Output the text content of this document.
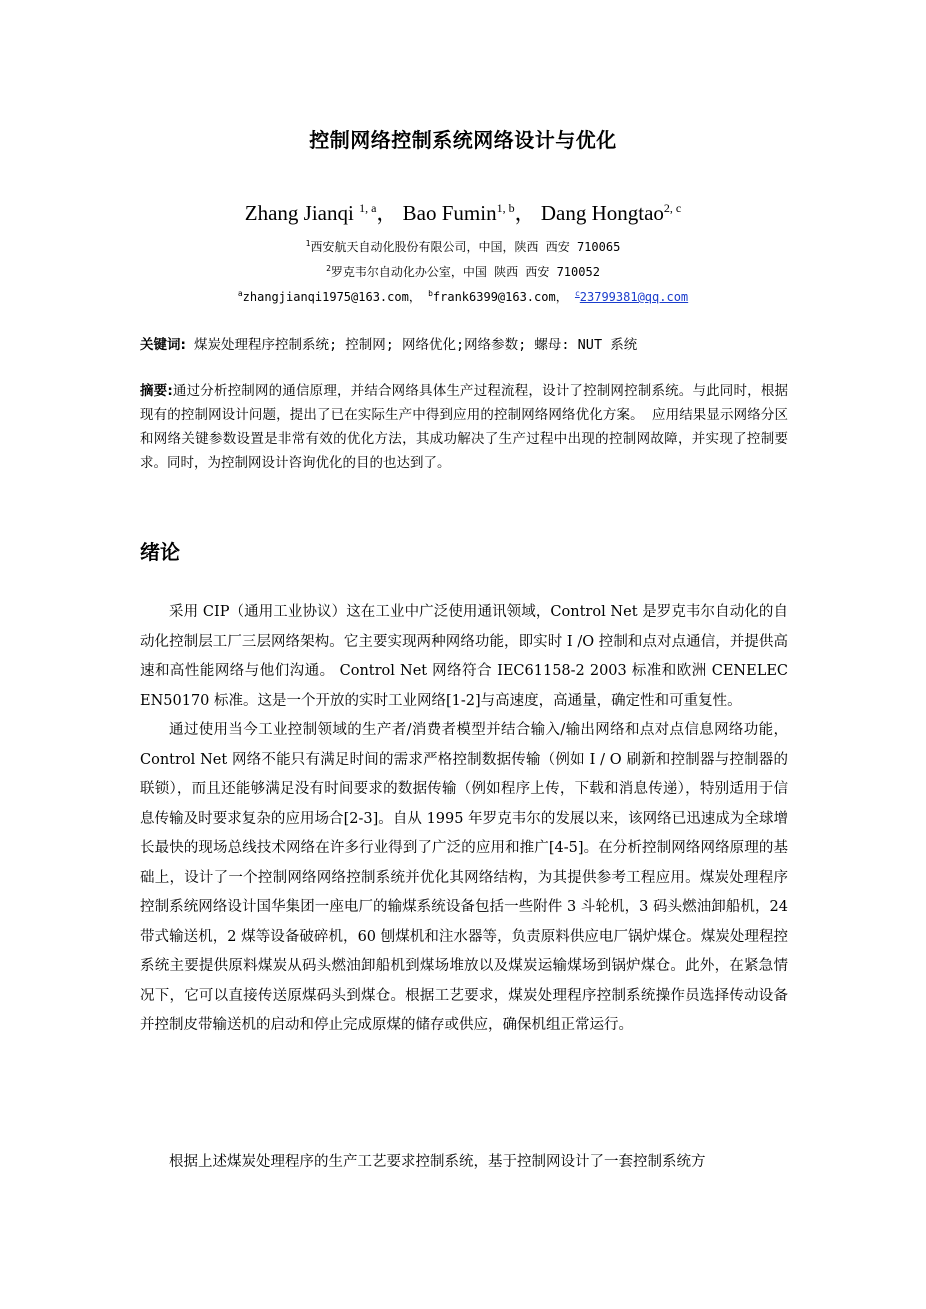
控制网络控制系统网络设计与优化
Zhang Jianqi $^{1, a}$， Bao Fumin$^{1, b}$， Dang Hongtao$^{2, c}$
$^1$西安航天自动化股份有限公司，中国，陕西 西安 710065
$^2$罗克韦尔自动化办公室，中国 陕西 西安 710052
$^a$zhangjianqi1975@163.com， $^b$frank6399@163.com， $^c$23799381@qq.com
关键词: 煤炭处理程序控制系统; 控制网; 网络优化;网络参数; 螺母: NUT 系统
摘要:通过分析控制网的通信原理，并结合网络具体生产过程流程，设计了控制网控制系统。与此同时，根据现有的控制网设计问题，提出了已在实际生产中得到应用的控制网络网络优化方案。 应用结果显示网络分区和网络关键参数设置是非常有效的优化方法，其成功解决了生产过程中出现的控制网故障，并实现了控制要求。同时，为控制网设计咨询优化的目的也达到了。
绪论

采用 CIP（通用工业协议）这在工业中广泛使用通讯领域，Control Net 是罗克韦尔自动化的自动化控制层工厂三层网络架构。它主要实现两种网络功能，即实时 I /O 控制和点对点通信，并提供高速和高性能网络与他们沟通。 Control Net 网络符合 IEC61158-2 2003 标准和欧洲 CENELEC EN50170 标准。这是一个开放的实时工业网络[1-2]与高速度，高通量，确定性和可重复性。

通过使用当今工业控制领域的生产者/消费者模型并结合输入/输出网络和点对点信息网络功能，Control Net 网络不能只有满足时间的需求严格控制数据传输（例如 I / O 刷新和控制器与控制器的联锁），而且还能够满足没有时间要求的数据传输（例如程序上传，下载和消息传递），特别适用于信息传输及时要求复杂的应用场合[2-3]。自从 1995 年罗克韦尔的发展以来，该网络已迅速成为全球增长最快的现场总线技术网络在许多行业得到了广泛的应用和推广[4-5]。在分析控制网络网络原理的基础上，设计了一个控制网络网络控制系统并优化其网络结构，为其提供参考工程应用。煤炭处理程序控制系统网络设计国华集团一座电厂的输煤系统设备包括一些附件 3 斗轮机，3 码头燃油卸船机，24 带式输送机，2 煤等设备破碎机，60 刨煤机和注水器等，负责原料供应电厂锅炉煤仓。煤炭处理程控系统主要提供原料煤炭从码头燃油卸船机到煤场堆放以及煤炭运输煤场到锅炉煤仓。此外，在紧急情况下，它可以直接传送原煤码头到煤仓。根据工艺要求，煤炭处理程序控制系统操作员选择传动设备并控制皮带输送机的启动和停止完成原煤的储存或供应，确保机组正常运行。

根据上述煤炭处理程序的生产工艺要求控制系统，基于控制网设计了一套控制系统方
